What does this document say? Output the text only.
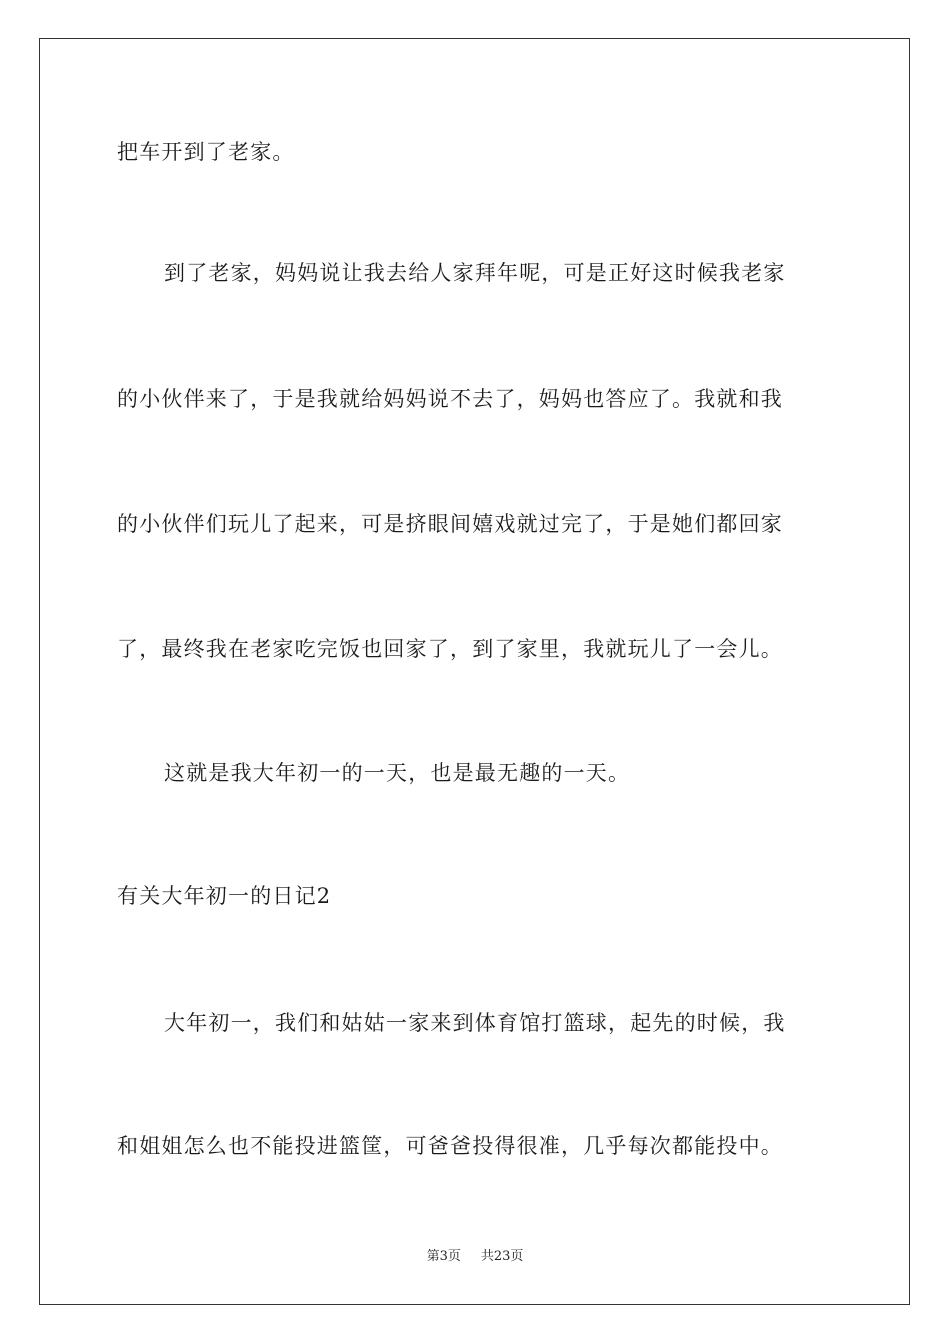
把车开到了老家。
到了老家，妈妈说让我去给人家拜年呢，可是正好这时候我老家
的小伙伴来了，于是我就给妈妈说不去了，妈妈也答应了。我就和我
的小伙伴们玩儿了起来，可是挤眼间嬉戏就过完了，于是她们都回家
了，最终我在老家吃完饭也回家了，到了家里，我就玩儿了一会儿。
这就是我大年初一的一天，也是最无趣的一天。
有关大年初一的日记2
大年初一，我们和姑姑一家来到体育馆打篮球，起先的时候，我
和姐姐怎么也不能投进篮筐，可爸爸投得很准，几乎每次都能投中。
第3页 共23页
